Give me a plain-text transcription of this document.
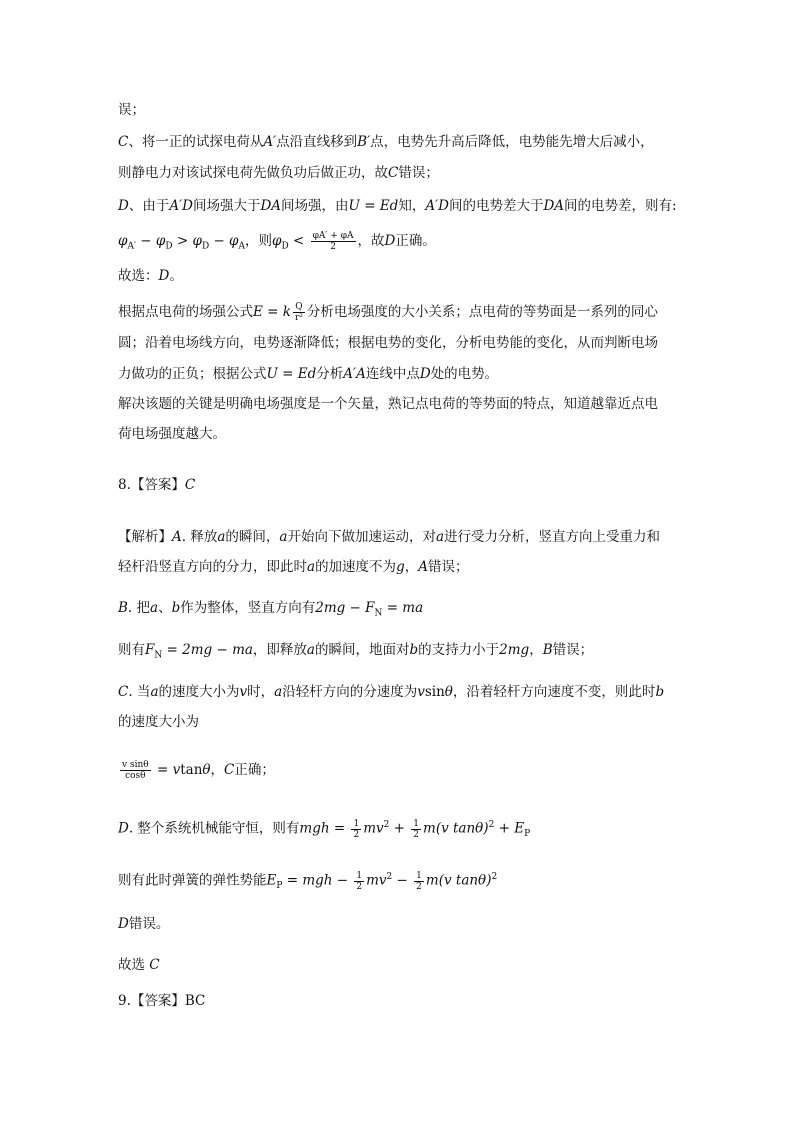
误；
C、将一正的试探电荷从A′点沿直线移到B′点，电势先升高后降低，电势能先增大后减小，
则静电力对该试探电荷先做负功后做正功，故C错误；
D、由于A′D间场强大于DA间场强，由U = Ed知，A′D间的电势差大于DA间的电势差，则有:
$\varphi_{A'} - \varphi_D > \varphi_D - \varphi_A$，则$\varphi_D < \frac{\varphi A' + \varphi A}{2}$ ，故D正确。
故选：D。
根据点电荷的场强公式E = k $\frac{Q}{\text{r²}}$ 分析电场强度的大小关系；点电荷的等势面是一系列的同心
圆；沿着电场线方向，电势逐渐降低；根据电势的变化，分析电势能的变化，从而判断电场
力做功的正负；根据公式U = Ed分析A′A连线中点D处的电势。
解决该题的关键是明确电场强度是一个矢量，熟记点电荷的等势面的特点，知道越靠近点电
荷电场强度越大。
8.【答案】C
【解析】A. 释放a的瞬间，a开始向下做加速运动，对a进行受力分析，竖直方向上受重力和
轻杆沿竖直方向的分力，即此时a的加速度不为g，A错误；
B. 把a、b作为整体，竖直方向有$2mg - F_N$ = ma
则有$F_N = 2mg$ − ma，即释放a的瞬间，地面对b的支持力小于2mg，B错误；
C. 当a的速度大小为v时，a沿轻杆方向的分速度为vsinθ，沿着轻杆方向速度不变，则此时b
的速度大小为
$\frac{\text{v sinθ}}{\cos\theta} = vtan\theta$，C正确；
D. 整个系统机械能守恒，则有mgh = $\frac{1}{2} mv^2 + \frac{1}{2} m(v$ $\tan\theta)^2 + E_P$
则有此时弹簧的弹性势能$E_P$ = mgh − $\frac{1}{2} mv^2 - \frac{1}{2} m(v$ tanθ)$^2$
D错误。
故选 C
9.【答案】BC
